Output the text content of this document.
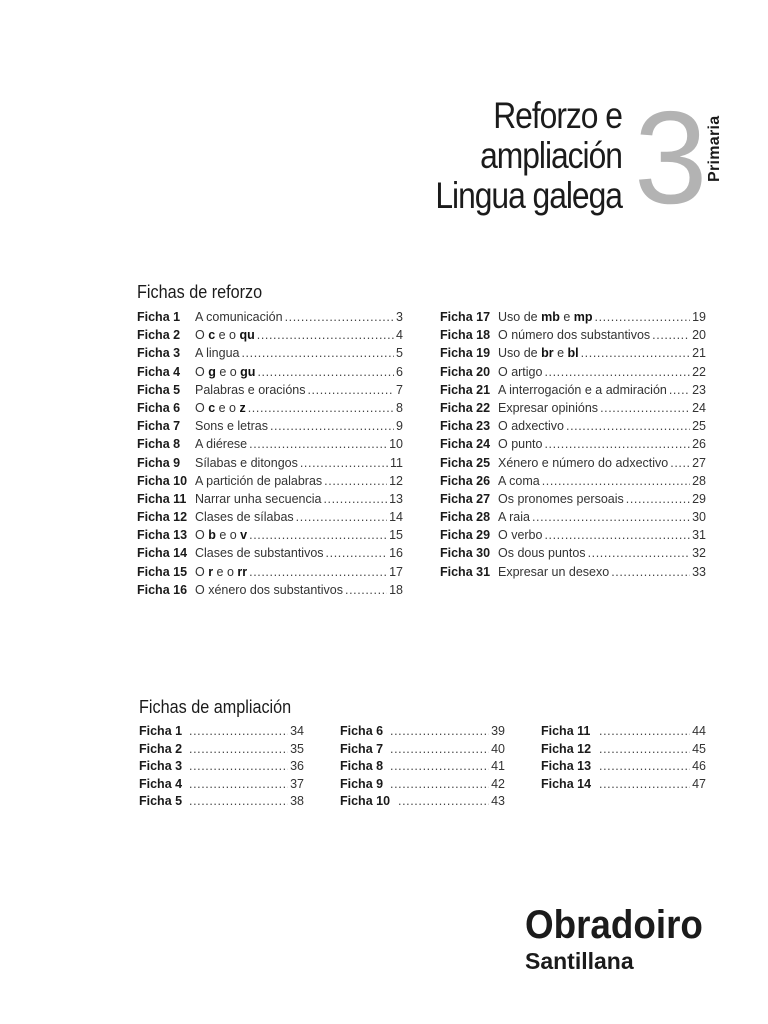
Reforzo e
ampliación
Lingua galega 3
Primaria
Fichas de reforzo
Ficha 1	A comunicación .....	3
Ficha 2	O c e o qu .....	4
Ficha 3	A lingua .....	5
Ficha 4	O g e o gu .....	6
Ficha 5	Palabras e oracións .....	7
Ficha 6	O c e o z .....	8
Ficha 7	Sons e letras .....	9
Ficha 8	A diérese .....	10
Ficha 9	Sílabas e ditongos .....	11
Ficha 10 A partición de palabras .....	12
Ficha 11 Narrar unha secuencia .....	13
Ficha 12 Clases de sílabas .....	14
Ficha 13 O b e o v .....	15
Ficha 14 Clases de substantivos .....	16
Ficha 15 O r e o rr .....	17
Ficha 16 O xénero dos substantivos .....	18
Ficha 17 Uso de mb e mp .....	19
Ficha 18 O número dos substantivos .....	20
Ficha 19 Uso de br e bl .....	21
Ficha 20 O artigo .....	22
Ficha 21 A interrogación e a admiración ..... 23
Ficha 22 Expresar opinións .....	24
Ficha 23 O adxectivo .....	25
Ficha 24 O punto .....	26
Ficha 25 Xénero e número do adxectivo ..... 27
Ficha 26 A coma .....	28
Ficha 27 Os pronomes persoais .....	29
Ficha 28 A raia .....	30
Ficha 29 O verbo .....	31
Ficha 30 Os dous puntos .....	32
Ficha 31 Expresar un desexo .....	33
Fichas de ampliación
Ficha 1 .....	34
Ficha 2 .....	35
Ficha 3 .....	36
Ficha 4 .....	37
Ficha 5 .....	38
Ficha 6 .....	39
Ficha 7 .....	40
Ficha 8 .....	41
Ficha 9 .....	42
Ficha 10 .....	43
Ficha 11 .....	44
Ficha 12 .....	45
Ficha 13 .....	46
Ficha 14 .....	47
Obradoiro
Santillana
